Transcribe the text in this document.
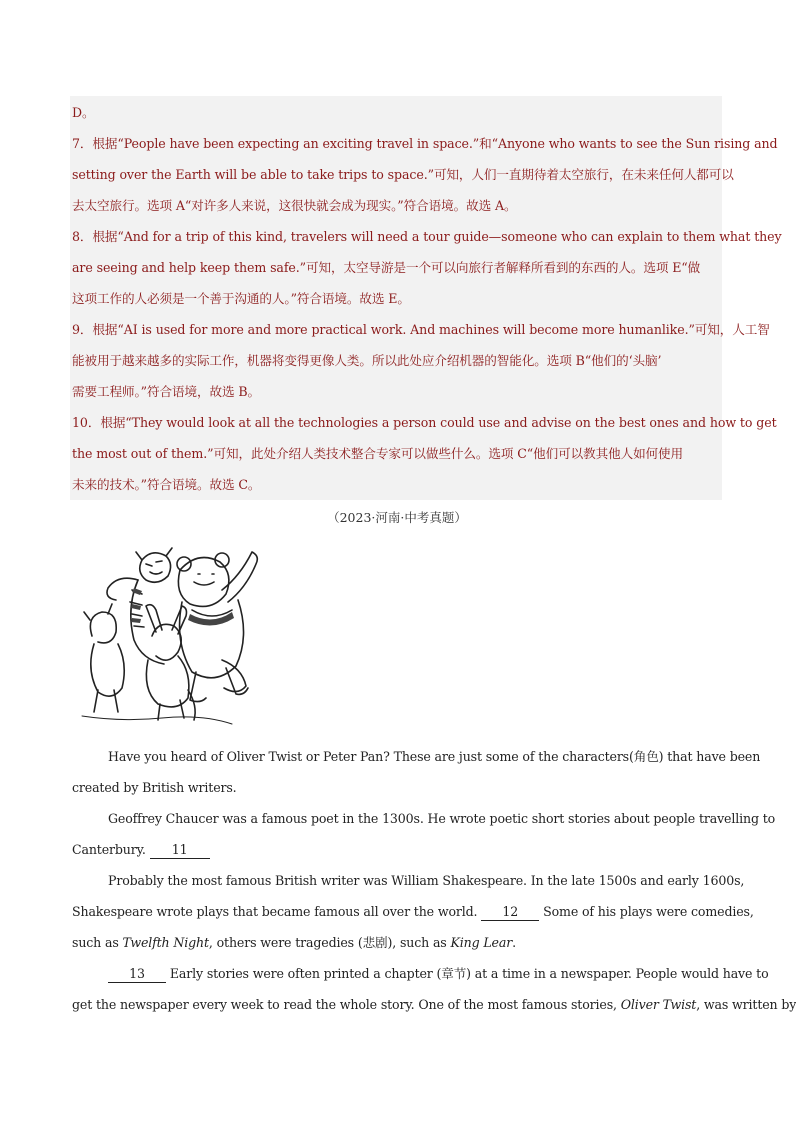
D。
7．根据“People have been expecting an exciting travel in space.”和“Anyone who wants to see the Sun rising and
setting over the Earth will be able to take trips to space.”可知，人们一直期待着太空旅行，在未来任何人都可以
去太空旅行。选项 A“对许多人来说，这很快就会成为现实。”符合语境。故选 A。
8．根据“And for a trip of this kind, travelers will need a tour guide—someone who can explain to them what they
are seeing and help keep them safe.”可知，太空导游是一个可以向旅行者解释所看到的东西的人。选项 E“做
这项工作的人必须是一个善于沟通的人。”符合语境。故选 E。
9．根据“AI is used for more and more practical work. And machines will become more humanlike.”可知，人工智
能被用于越来越多的实际工作，机器将变得更像人类。所以此处应介绍机器的智能化。选项 B“他们的‘头脑’
需要工程师。”符合语境，故选 B。
10．根据“They would look at all the technologies a person could use and advise on the best ones and how to get
the most out of them.”可知，此处介绍人类技术整合专家可以做些什么。选项 C“他们可以教其他人如何使用
未来的技术。”符合语境。故选 C。
（2023·河南·中考真题）
Have you heard of Oliver Twist or Peter Pan? These are just some of the characters(角色) that have been
created by British writers.
Geoffrey Chaucer was a famous poet in the 1300s. He wrote poetic short stories about people travelling to
Canterbury. 11
Probably the most famous British writer was William Shakespeare. In the late 1500s and early 1600s,
Shakespeare wrote plays that became famous all over the world. 12 Some of his plays were comedies,
such as Twelfth Night, others were tragedies (悲剧), such as King Lear.
13 Early stories were often printed a chapter (章节) at a time in a newspaper. People would have to
get the newspaper every week to read the whole story. One of the most famous stories, Oliver Twist, was written by
